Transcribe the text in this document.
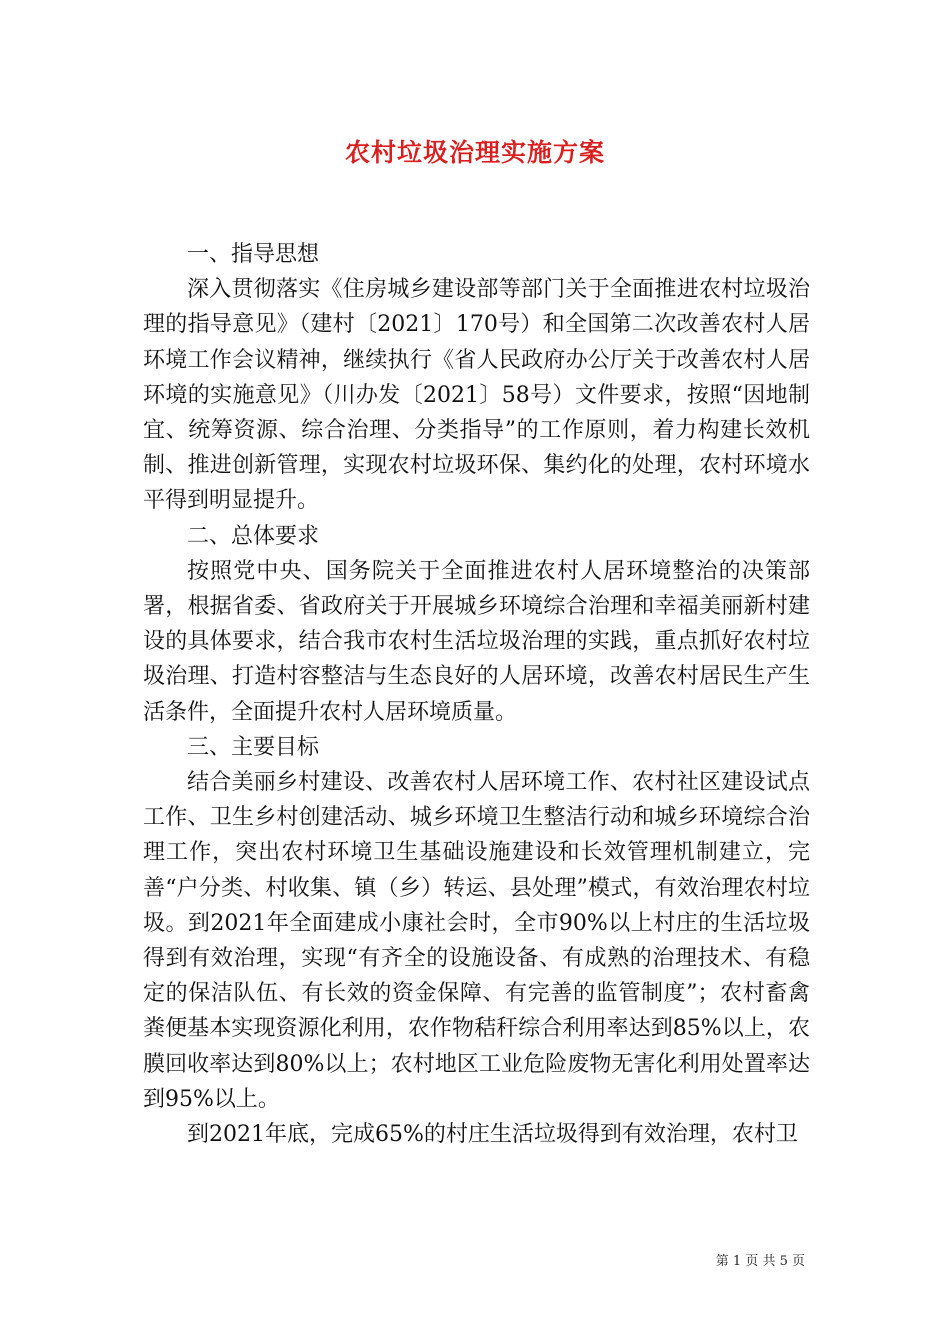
农村垃圾治理实施方案

一、指导思想

深入贯彻落实《住房城乡建设部等部门关于全面推进农村垃圾治理的指导意见》（建村〔2021〕170号）和全国第二次改善农村人居环境工作会议精神，继续执行《省人民政府办公厅关于改善农村人居环境的实施意见》（川办发〔2021〕58号）文件要求，按照“因地制宜、统筹资源、综合治理、分类指导”的工作原则，着力构建长效机制、推进创新管理，实现农村垃圾环保、集约化的处理，农村环境水平得到明显提升。

二、总体要求

按照党中央、国务院关于全面推进农村人居环境整治的决策部署，根据省委、省政府关于开展城乡环境综合治理和幸福美丽新村建设的具体要求，结合我市农村生活垃圾治理的实践，重点抓好农村垃圾治理、打造村容整洁与生态良好的人居环境，改善农村居民生产生活条件，全面提升农村人居环境质量。

三、主要目标

结合美丽乡村建设、改善农村人居环境工作、农村社区建设试点工作、卫生乡村创建活动、城乡环境卫生整洁行动和城乡环境综合治理工作，突出农村环境卫生基础设施建设和长效管理机制建立，完善“户分类、村收集、镇（乡）转运、县处理”模式，有效治理农村垃圾。到2021年全面建成小康社会时，全市90%以上村庄的生活垃圾得到有效治理，实现“有齐全的设施设备、有成熟的治理技术、有稳定的保洁队伍、有长效的资金保障、有完善的监管制度”；农村畜禽粪便基本实现资源化利用，农作物秸秆综合利用率达到85%以上，农膜回收率达到80%以上；农村地区工业危险废物无害化利用处置率达到95%以上。

到2021年底，完成65%的村庄生活垃圾得到有效治理，农村卫

第 1 页 共 5 页
